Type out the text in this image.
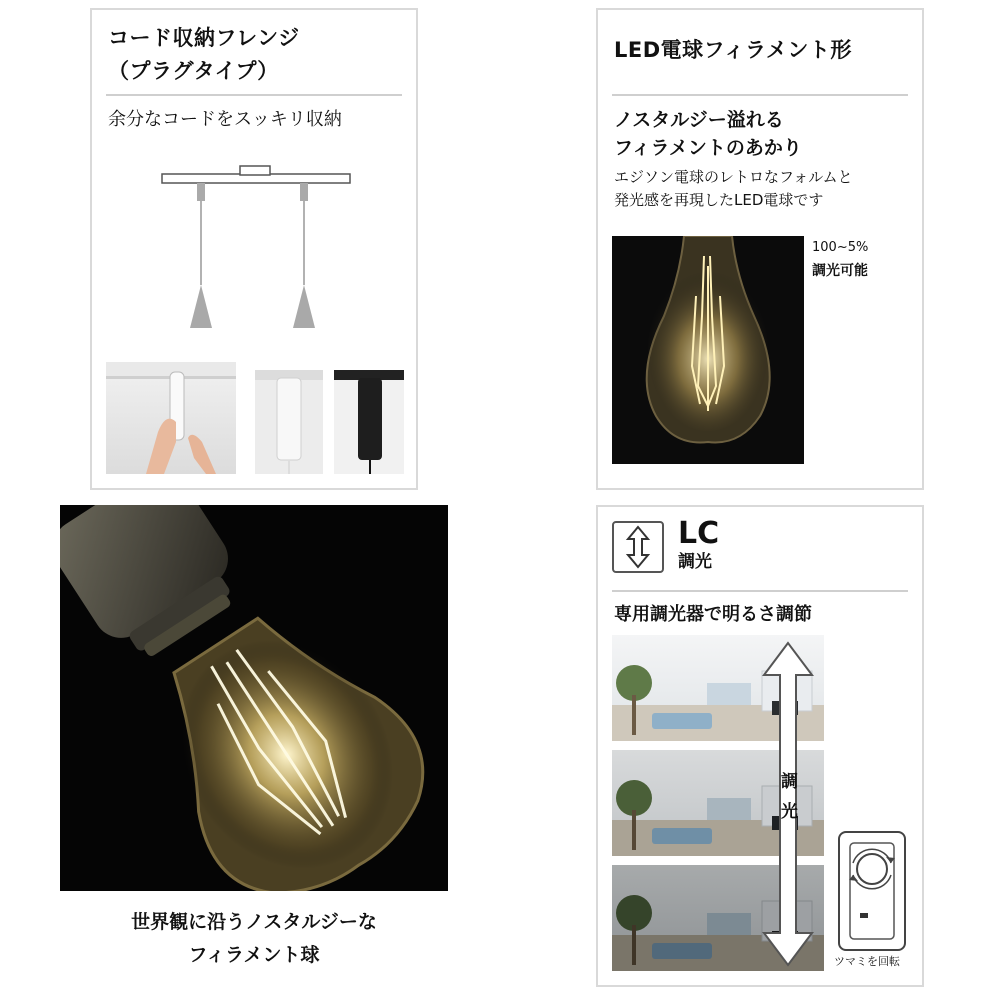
コード収納フレンジ
（プラグタイプ）
余分なコードをスッキリ収納
LED電球フィラメント形
ノスタルジー溢れる
フィラメントのあかり
エジソン電球のレトロなフォルムと
発光感を再現したLED電球です
100~5%
調光可能
世界観に沿うノスタルジーな
フィラメント球
LC
調光
専用調光器で明るさ調節
調
光
ツマミを回転
